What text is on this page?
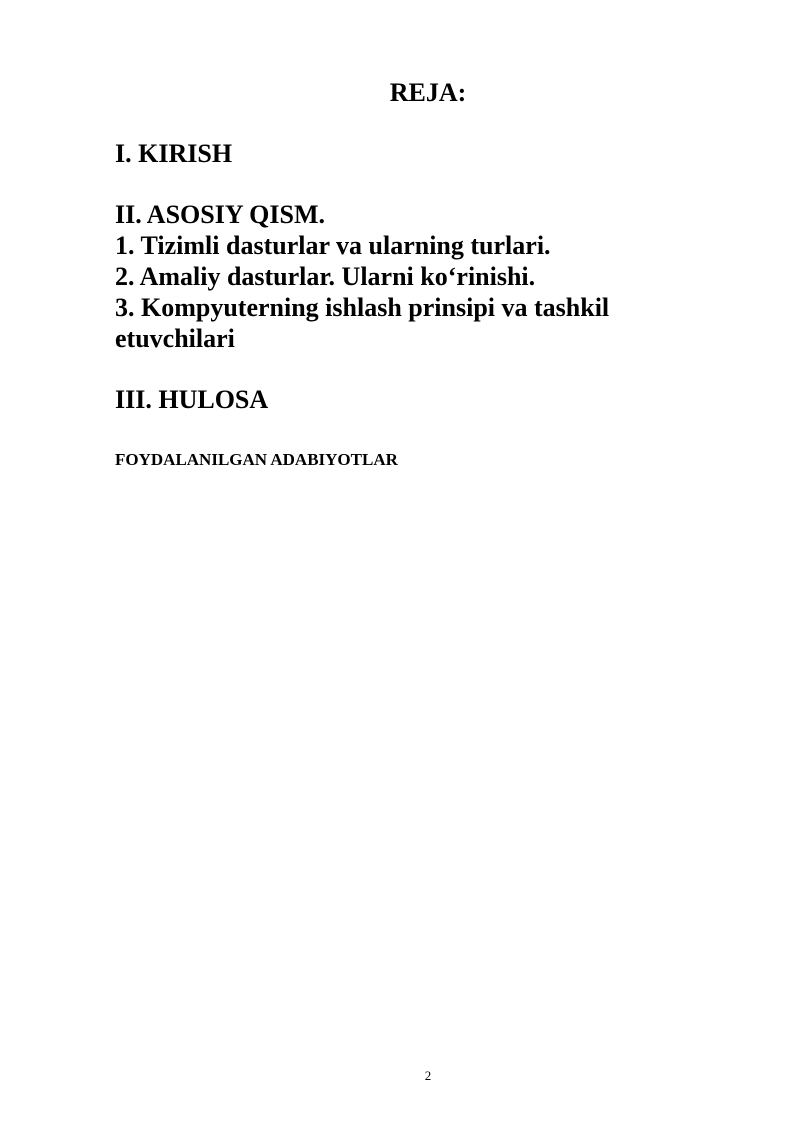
REJA:

I. KIRISH

II. ASOSIY QISM.

1. Tizimli dasturlar va ularning turlari.

2. Amaliy dasturlar. Ularni ko‘rinishi.

3. Kompyuterning ishlash prinsipi va tashkil etuvchilari

III. HULOSA

FOYDALANILGAN ADABIYOTLAR

2
